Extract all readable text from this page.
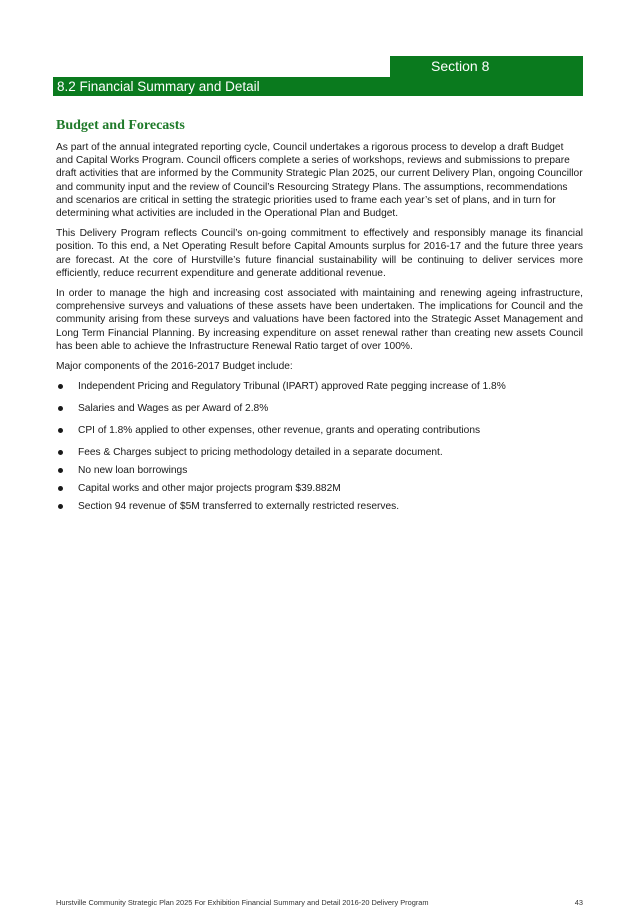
Section 8
8.2 Financial Summary and Detail
Budget and Forecasts

As part of the annual integrated reporting cycle, Council undertakes a rigorous process to develop a draft Budget and Capital Works Program. Council officers complete a series of workshops, reviews and submissions to prepare draft activities that are informed by the Community Strategic Plan 2025, our current Delivery Plan, ongoing Councillor and community input and the review of Council’s Resourcing Strategy Plans. The assumptions, recommendations and scenarios are critical in setting the strategic priorities used to frame each year’s set of plans, and in turn for determining what activities are included in the Operational Plan and Budget.

This Delivery Program reflects Council’s on-going commitment to effectively and responsibly manage its financial position. To this end, a Net Operating Result before Capital Amounts surplus for 2016-17 and the future three years are forecast. At the core of Hurstville’s future financial sustainability will be continuing to deliver services more efficiently, reduce recurrent expenditure and generate additional revenue.

In order to manage the high and increasing cost associated with maintaining and renewing ageing infrastructure, comprehensive surveys and valuations of these assets have been undertaken. The implications for Council and the community arising from these surveys and valuations have been factored into the Strategic Asset Management and Long Term Financial Planning. By increasing expenditure on asset renewal rather than creating new assets Council has been able to achieve the Infrastructure Renewal Ratio target of over 100%.

Major components of the 2016-2017 Budget include:

Independent Pricing and Regulatory Tribunal (IPART) approved Rate pegging increase of 1.8%
Salaries and Wages as per Award of 2.8%
CPI of 1.8% applied to other expenses, other revenue, grants and operating contributions
Fees & Charges subject to pricing methodology detailed in a separate document.
No new loan borrowings
Capital works and other major projects program $39.882M
Section 94 revenue of $5M transferred to externally restricted reserves.
Hurstville Community Strategic Plan 2025 For Exhibition Financial Summary and Detail 2016-20 Delivery Program	43
